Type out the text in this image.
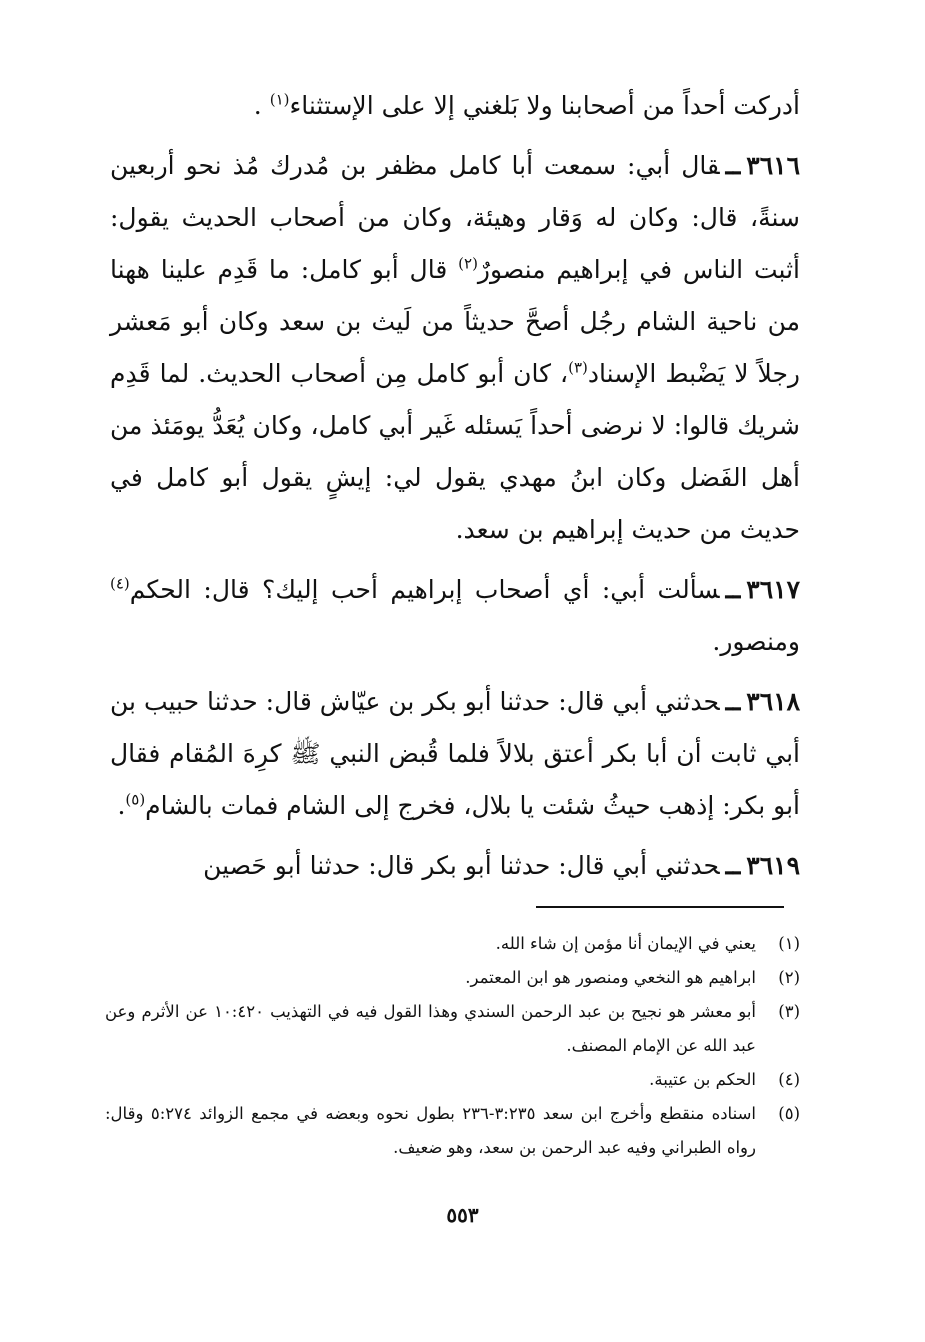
أدركت أحداً من أصحابنا ولا بَلغني إلا على الإستثناء$^{(١)}$ .

٣٦١٦ــقال أبي: سمعت أبا كامل مظفر بن مُدرك مُذ نحو أربعين سنةً، قال: وكان له وَقار وهيئة، وكان من أصحاب الحديث يقول: أثبت الناس في إبراهيم منصورٌ$^{(٢)}$ قال أبو كامل: ما قَدِم علينا ههنا من ناحية الشام رجُل أصحَّ حديثاً من لَيث بن سعد وكان أبو مَعشر رجلاً لا يَضْبط الإسناد$^{(٣)}$، كان أبو كامل مِن أصحاب الحديث. لما قَدِم شريك قالوا: لا نرضى أحداً يَسئله غَير أبي كامل، وكان يُعَدُّ يومَئذ من أهل الفَضل وكان ابنُ مهدي يقول لي: إيشٍ يقول أبو كامل في حديث من حديث إبراهيم بن سعد.

٣٦١٧ــسألت أبي: أي أصحاب إبراهيم أحب إليك؟ قال: الحكم$^{(٤)}$ ومنصور.

٣٦١٨ــحدثني أبي قال: حدثنا أبو بكر بن عيّاش قال: حدثنا حبيب بن أبي ثابت أن أبا بكر أعتق بلالاً فلما قُبض النبي ﷺ كرِهَ المُقام فقال أبو بكر: إذهب حيثُ شئت يا بلال، فخرج إلى الشام فمات بالشام$^{(٥)}$.

٣٦١٩ــحدثني أبي قال: حدثنا أبو بكر قال: حدثنا أبو حَصين

(١)
يعني في الإيمان أنا مؤمن إن شاء الله.
(٢)
ابراهيم هو النخعي ومنصور هو ابن المعتمر.
(٣)
أبو معشر هو نجيح بن عبد الرحمن السندي وهذا القول فيه في التهذيب ١٠:٤٢٠ عن الأثرم وعن عبد الله عن الإمام المصنف.
(٤)
الحكم بن عتيبة.
(٥)
اسناده منقطع وأخرج ابن سعد ٣:٢٣٥-٢٣٦ بطول نحوه وبعضه في مجمع الزوائد ٥:٢٧٤ وقال: رواه الطبراني وفيه عبد الرحمن بن سعد، وهو ضعيف.
٥٥٣
